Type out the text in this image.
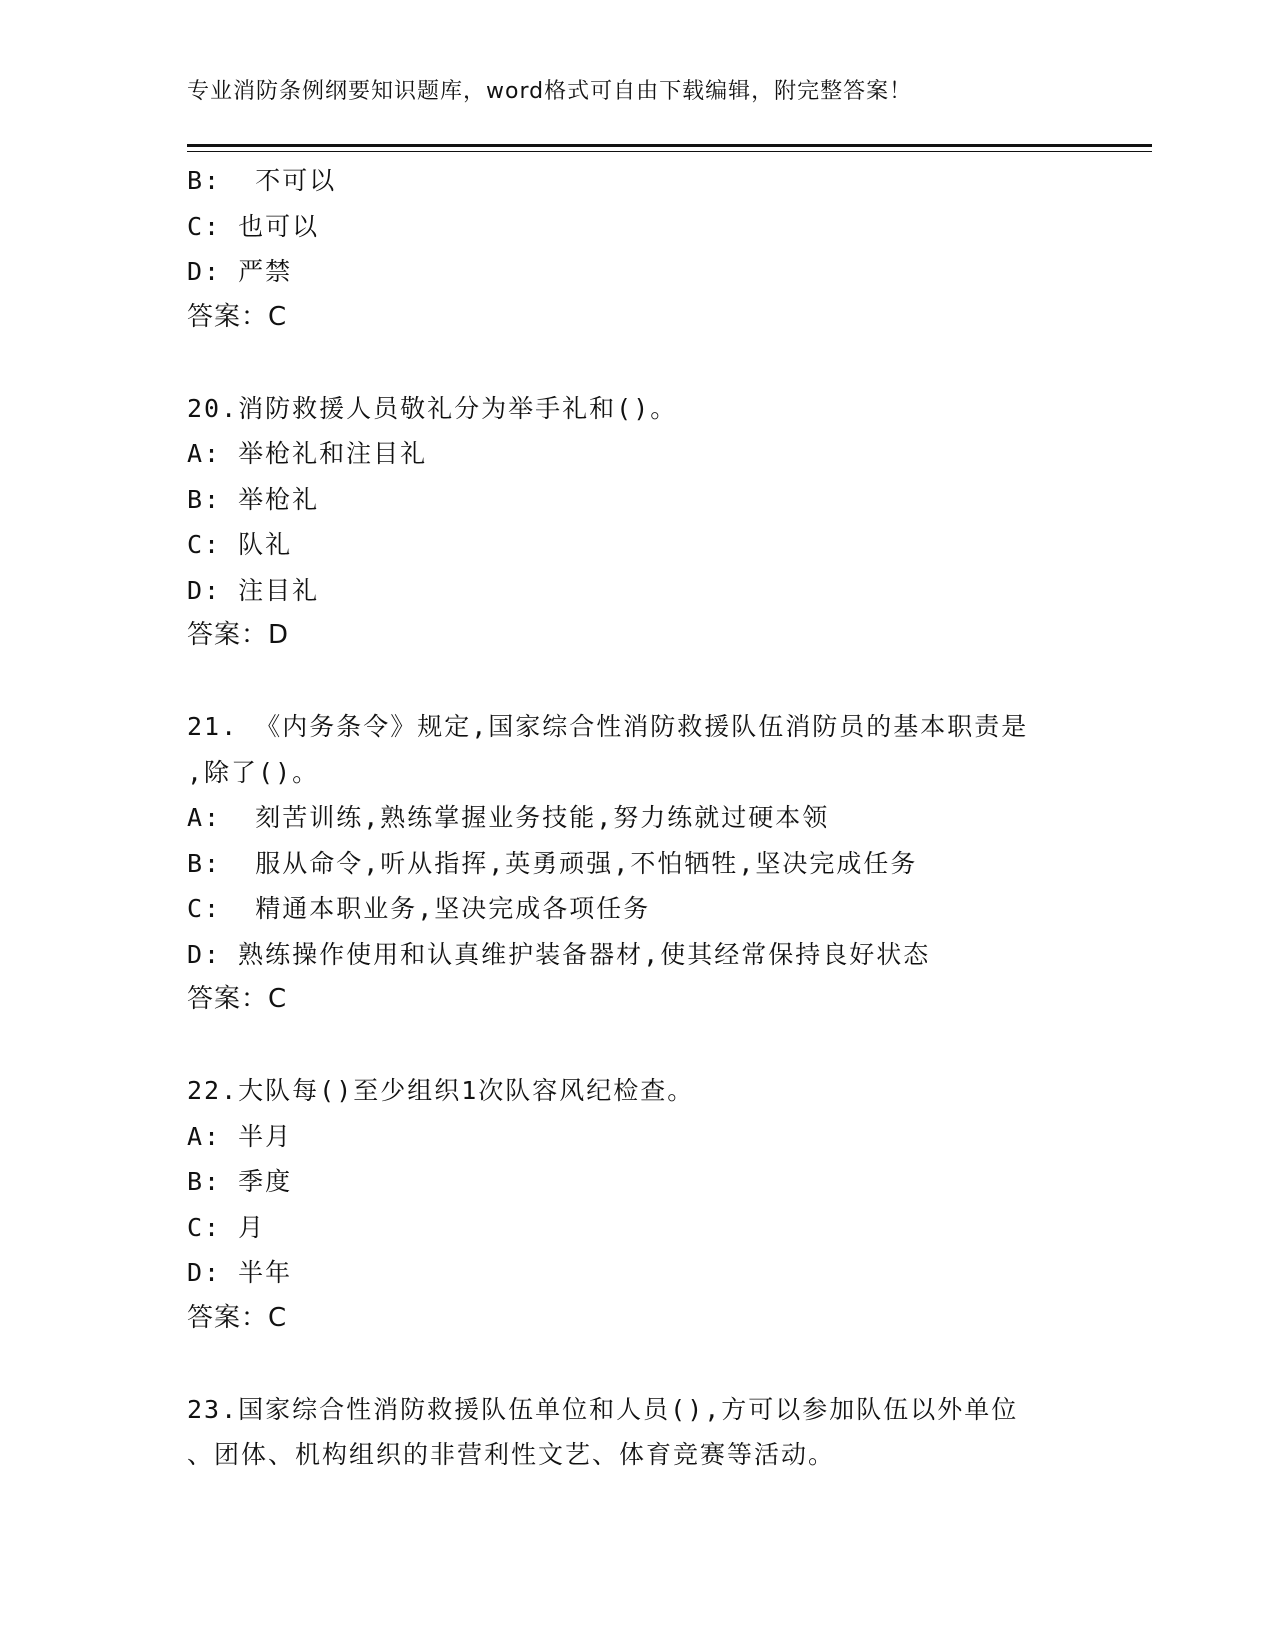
专业消防条例纲要知识题库，word格式可自由下载编辑，附完整答案！
B:  不可以
C: 也可以
D: 严禁
答案：C
20.消防救援人员敬礼分为举手礼和()。
A: 举枪礼和注目礼
B: 举枪礼
C: 队礼
D: 注目礼
答案：D
21. 《内务条令》规定,国家综合性消防救援队伍消防员的基本职责是
,除了()。
A:  刻苦训练,熟练掌握业务技能,努力练就过硬本领
B:  服从命令,听从指挥,英勇顽强,不怕牺牲,坚决完成任务
C:  精通本职业务,坚决完成各项任务
D: 熟练操作使用和认真维护装备器材,使其经常保持良好状态
答案：C
22.大队每()至少组织1次队容风纪检查。
A: 半月
B: 季度
C: 月
D: 半年
答案：C
23.国家综合性消防救援队伍单位和人员(),方可以参加队伍以外单位
、团体、机构组织的非营利性文艺、体育竞赛等活动。
